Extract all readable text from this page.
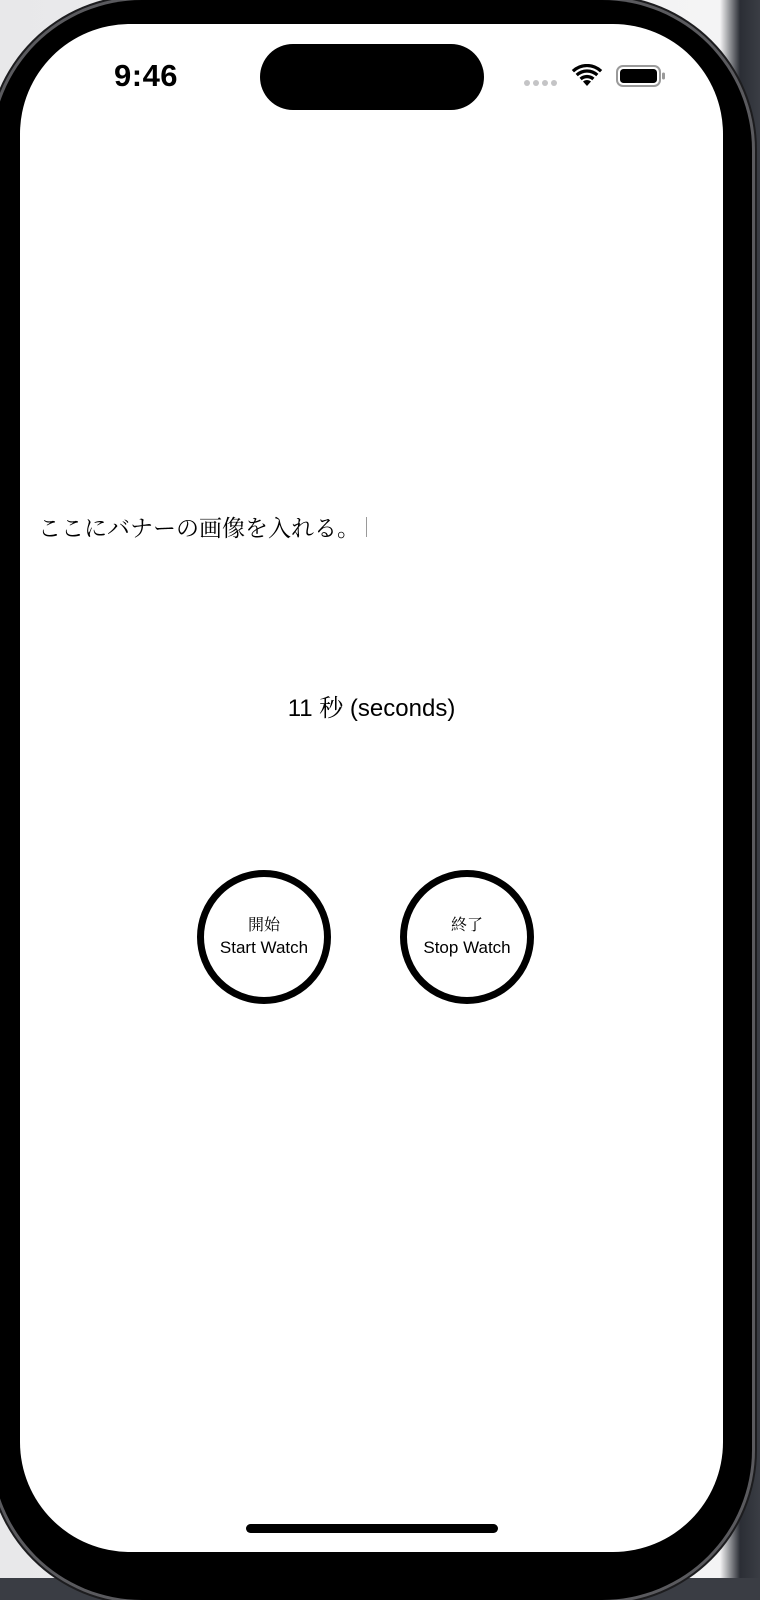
9:46
ここにバナーの画像を入れる。
11 秒 (seconds)
開始
Start Watch
終了
Stop Watch
